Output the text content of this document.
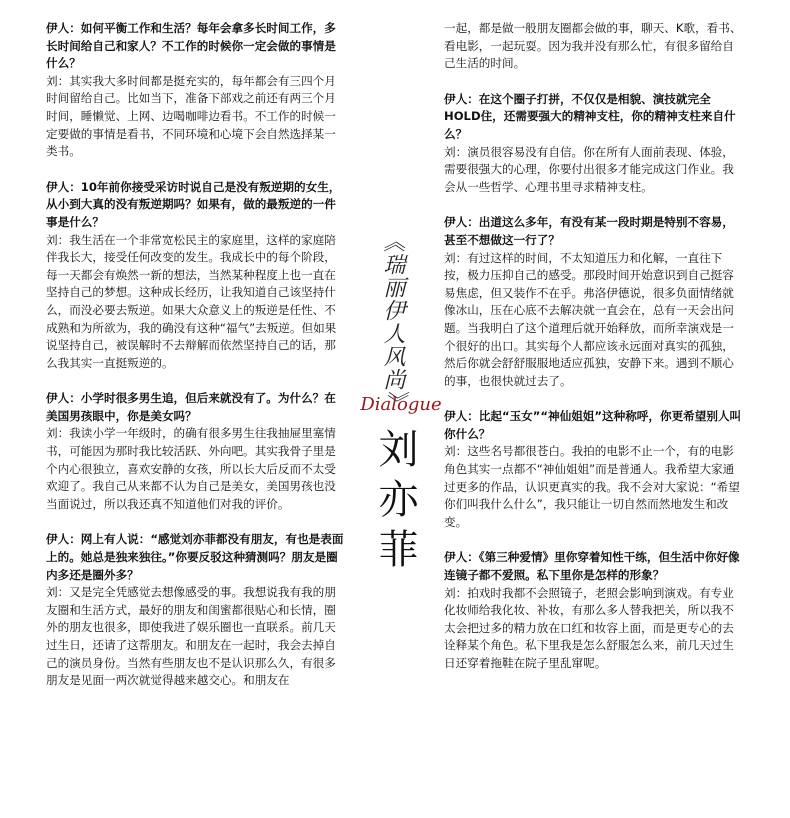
伊人：如何平衡工作和生活？每年会拿多长时间工作，多长时间给自己和家人？不工作的时候你一定会做的事情是什么？

刘：其实我大多时间都是挺充实的，每年都会有三四个月时间留给自己。比如当下，准备下部戏之前还有两三个月时间，睡懒觉、上网、边喝咖啡边看书。不工作的时候一定要做的事情是看书，不同环境和心境下会自然选择某一类书。

伊人：10年前你接受采访时说自己是没有叛逆期的女生，从小到大真的没有叛逆期吗？如果有，做的最叛逆的一件事是什么？

刘：我生活在一个非常宽松民主的家庭里，这样的家庭陪伴我长大，接受任何改变的发生。我成长中的每个阶段，每一天都会有焕然一新的想法，当然某种程度上也一直在坚持自己的梦想。这种成长经历，让我知道自己该坚持什么，而没必要去叛逆。如果大众意义上的叛逆是任性、不成熟和为所欲为，我的确没有这种“福气”去叛逆。但如果说坚持自己，被误解时不去辩解而依然坚持自己的话，那么我其实一直挺叛逆的。

伊人：小学时很多男生追，但后来就没有了。为什么？在美国男孩眼中，你是美女吗？

刘：我读小学一年级时，的确有很多男生往我抽屉里塞情书，可能因为那时我比较活跃、外向吧。其实我骨子里是个内心很独立，喜欢安静的女孩，所以长大后反而不太受欢迎了。我自己从来都不认为自己是美女，美国男孩也没当面说过，所以我还真不知道他们对我的评价。

伊人：网上有人说：“感觉刘亦菲都没有朋友，有也是表面上的。她总是独来独往。”你要反驳这种猜测吗？朋友是圈内多还是圈外多？

刘：又是完全凭感觉去想像感受的事。我想说我有我的朋友圈和生活方式，最好的朋友和闺蜜都很贴心和长情，圈外的朋友也很多，即使我进了娱乐圈也一直联系。前几天过生日，还请了这帮朋友。和朋友在一起时，我会去掉自己的演员身份。当然有些朋友也不是认识那么久，有很多朋友是见面一两次就觉得越来越交心。和朋友在

《瑞丽伊人风尚》
Dialogue
刘亦菲

一起，都是做一般朋友圈都会做的事，聊天、K歌，看书、看电影，一起玩耍。因为我并没有那么忙，有很多留给自己生活的时间。

伊人：在这个圈子打拼，不仅仅是相貌、演技就完全HOLD住，还需要强大的精神支柱，你的精神支柱来自什么？

刘：演员很容易没有自信。你在所有人面前表现、体验，需要很强大的心理，你要付出很多才能完成这门作业。我会从一些哲学、心理书里寻求精神支柱。

伊人：出道这么多年，有没有某一段时期是特别不容易，甚至不想做这一行了？

刘：有过这样的时间，不太知道压力和化解，一直往下按，极力压抑自己的感受。那段时间开始意识到自己挺容易焦虑，但又装作不在乎。弗洛伊德说，很多负面情绪就像冰山，压在心底不去解决就一直会在，总有一天会出问题。当我明白了这个道理后就开始释放，而所幸演戏是一个很好的出口。其实每个人都应该永远面对真实的孤独，然后你就会舒舒服服地适应孤独，安静下来。遇到不顺心的事，也很快就过去了。

伊人：比起“玉女”“神仙姐姐”这种称呼，你更希望别人叫你什么？

刘：这些名号都很苍白。我拍的电影不止一个，有的电影角色其实一点都不“神仙姐姐”而是普通人。我希望大家通过更多的作品，认识更真实的我。我不会对大家说：“希望你们叫我什么什么”，我只能让一切自然而然地发生和改变。

伊人：《第三种爱情》里你穿着知性干练，但生活中你好像连镜子都不爱照。私下里你是怎样的形象？

刘：拍戏时我都不会照镜子，老照会影响到演戏。有专业化妆师给我化妆、补妆，有那么多人替我把关，所以我不太会把过多的精力放在口红和妆容上面，而是更专心的去诠释某个角色。私下里我是怎么舒服怎么来，前几天过生日还穿着拖鞋在院子里乱窜呢。
